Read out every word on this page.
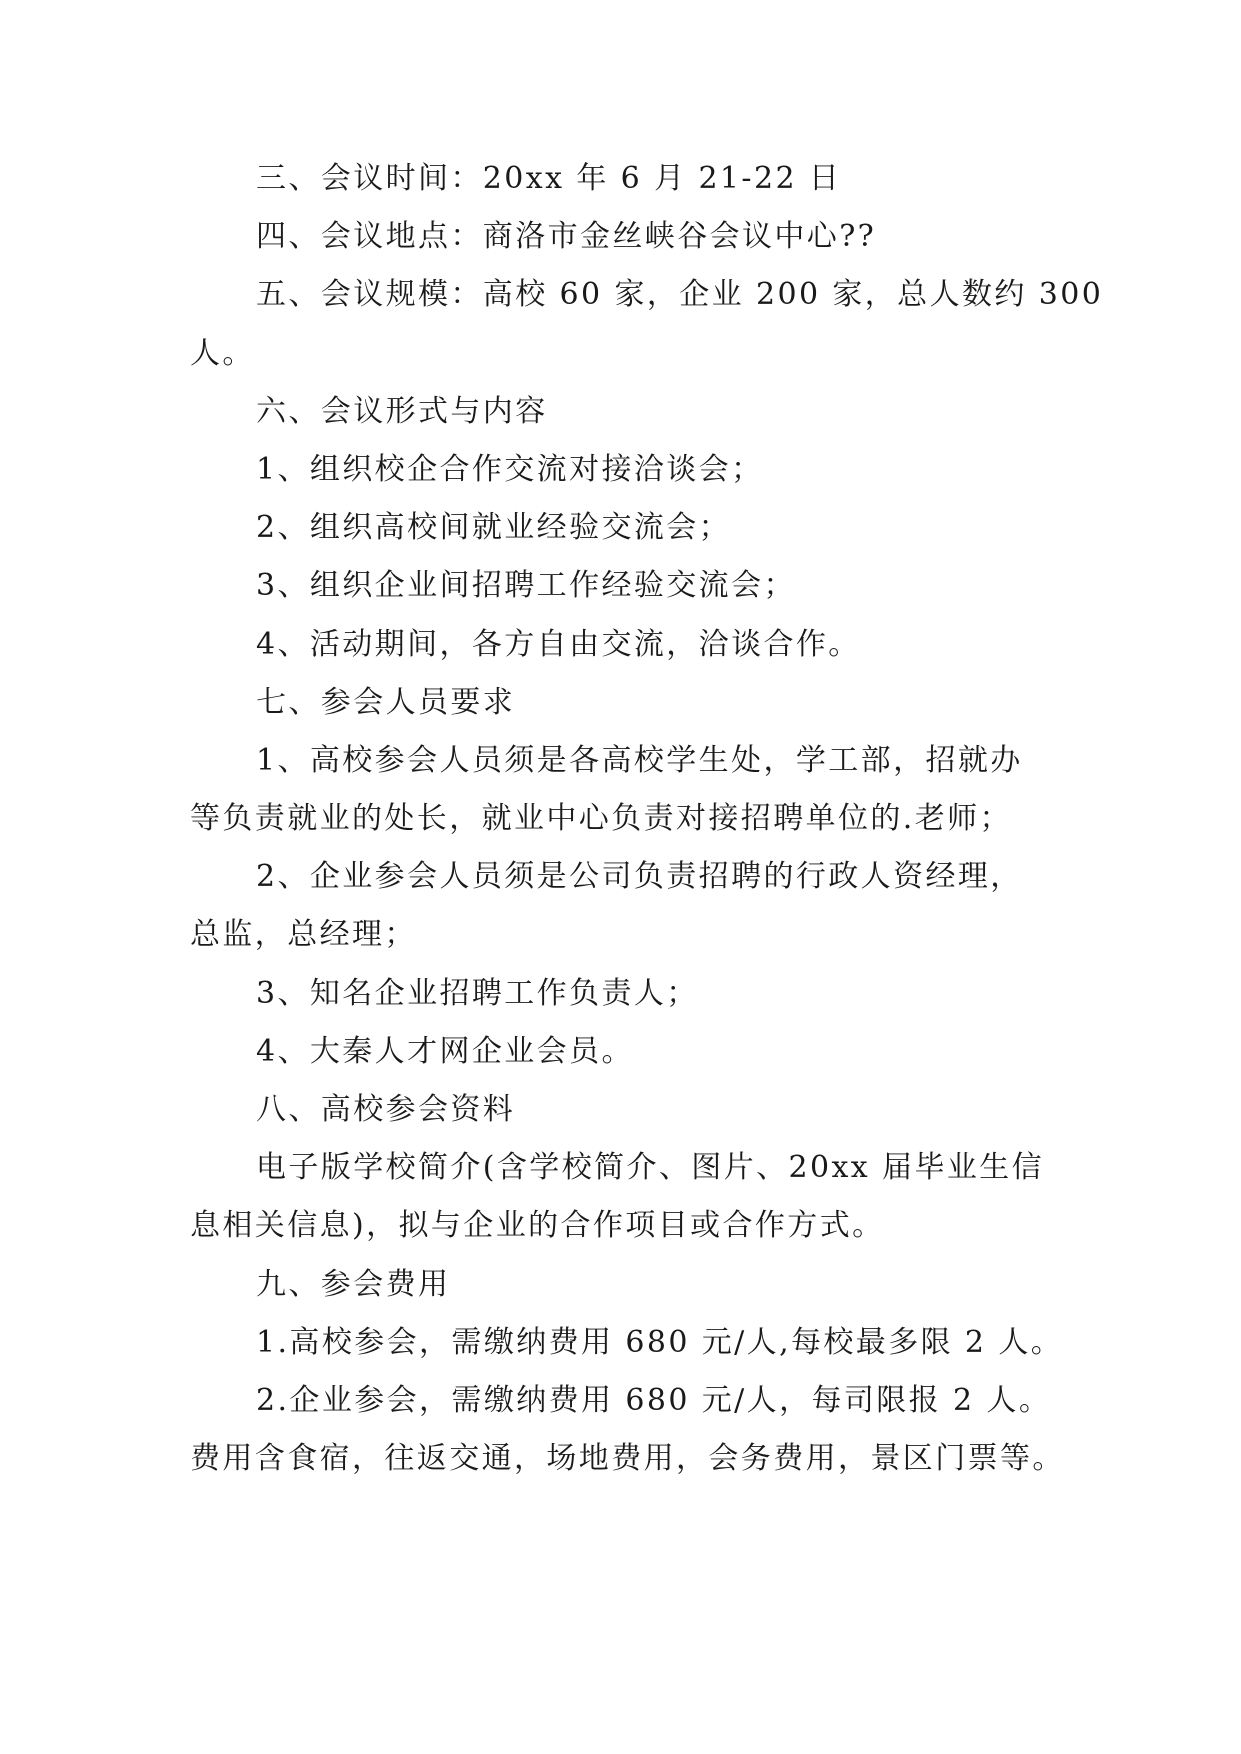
三、会议时间：20xx 年 6 月 21-22 日
四、会议地点：商洛市金丝峡谷会议中心??
五、会议规模：高校 60 家，企业 200 家，总人数约 300
人。
六、会议形式与内容
1、组织校企合作交流对接洽谈会；
2、组织高校间就业经验交流会；
3、组织企业间招聘工作经验交流会；
4、活动期间，各方自由交流，洽谈合作。
七、参会人员要求
1、高校参会人员须是各高校学生处，学工部，招就办
等负责就业的处长，就业中心负责对接招聘单位的.老师；
2、企业参会人员须是公司负责招聘的行政人资经理，
总监，总经理；
3、知名企业招聘工作负责人；
4、大秦人才网企业会员。
八、高校参会资料
电子版学校简介(含学校简介、图片、20xx 届毕业生信
息相关信息)，拟与企业的合作项目或合作方式。
九、参会费用
1.高校参会，需缴纳费用 680 元/人,每校最多限 2 人。
2.企业参会，需缴纳费用 680 元/人，每司限报 2 人。
费用含食宿，往返交通，场地费用，会务费用，景区门票等。
